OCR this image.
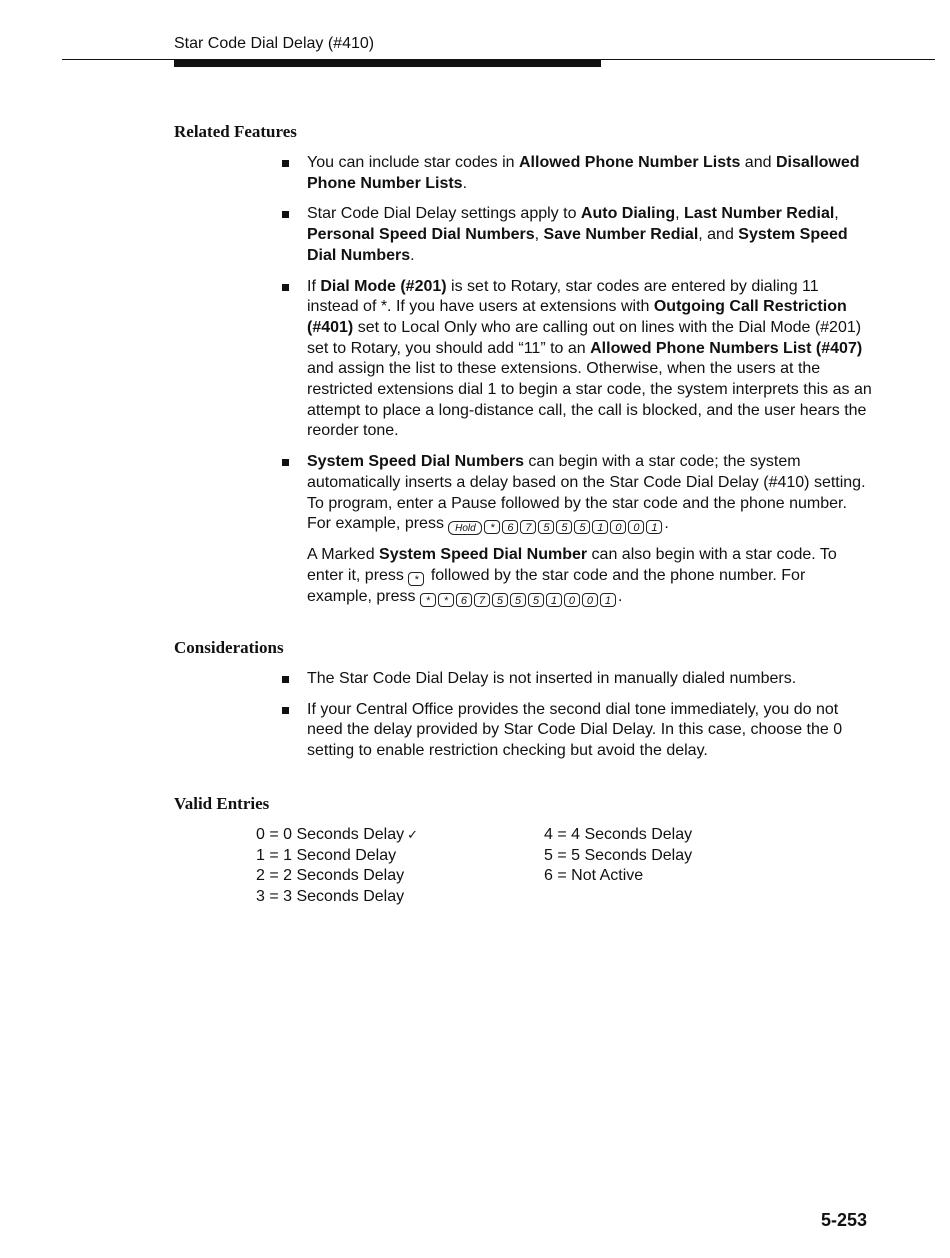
Star Code Dial Delay (#410)
Related Features
You can include star codes in Allowed Phone Number Lists and Disallowed Phone Number Lists.
Star Code Dial Delay settings apply to Auto Dialing, Last Number Redial, Personal Speed Dial Numbers, Save Number Redial, and System Speed Dial Numbers.
If Dial Mode (#201) is set to Rotary, star codes are entered by dialing 11 instead of *. If you have users at extensions with Outgoing Call Restriction (#401) set to Local Only who are calling out on lines with the Dial Mode (#201) set to Rotary, you should add “11” to an Allowed Phone Numbers List (#407) and assign the list to these extensions. Otherwise, when the users at the restricted extensions dial 1 to begin a star code, the system interprets this as an attempt to place a long-distance call, the call is blocked, and the user hears the reorder tone.

System Speed Dial Numbers can begin with a star code; the system automatically inserts a delay based on the Star Code Dial Delay (#410) setting. To program, enter a Pause followed by the star code and the phone number. For example, press Hold * 6 7 5 5 5 1 0 0 1 .

A Marked System Speed Dial Number can also begin with a star code. To enter it, press * followed by the star code and the phone number. For example, press * * 6 7 5 5 5 1 0 0 1 .

Considerations
The Star Code Dial Delay is not inserted in manually dialed numbers.
If your Central Office provides the second dial tone immediately, you do not need the delay provided by Star Code Dial Delay. In this case, choose the 0 setting to enable restriction checking but avoid the delay.
Valid Entries
0 = 0 Seconds Delay ✓
1 = 1 Second Delay
2 = 2 Seconds Delay
3 = 3 Seconds Delay
4 = 4 Seconds Delay
5 = 5 Seconds Delay
6 = Not Active
5-253
